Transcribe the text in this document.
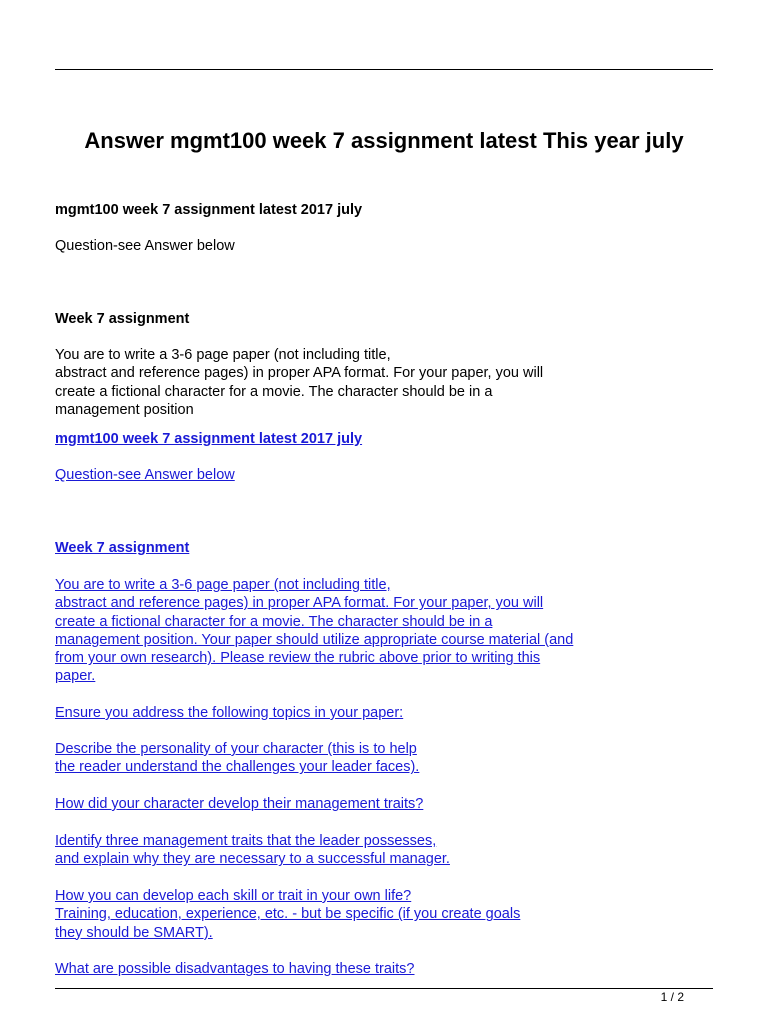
Answer mgmt100 week 7 assignment latest This year july

mgmt100 week 7 assignment latest 2017 july

Question-see Answer below

Week 7 assignment

You are to write a 3-6 page paper (not including title,
abstract and reference pages) in proper APA format. For your paper, you will
create a fictional character for a movie. The character should be in a
management position

mgmt100 week 7 assignment latest 2017 july

Question-see Answer below

Week 7 assignment

You are to write a 3-6 page paper (not including title,
abstract and reference pages) in proper APA format. For your paper, you will
create a fictional character for a movie. The character should be in a
management position. Your paper should utilize appropriate course material (and
from your own research). Please review the rubric above prior to writing this
paper.

Ensure you address the following topics in your paper:

Describe the personality of your character (this is to help
the reader understand the challenges your leader faces).

How did your character develop their management traits?

Identify three management traits that the leader possesses,
and explain why they are necessary to a successful manager.

How you can develop each skill or trait in your own life?
Training, education, experience, etc. - but be specific (if you create goals
they should be SMART).

What are possible disadvantages to having these traits?

1 / 2
